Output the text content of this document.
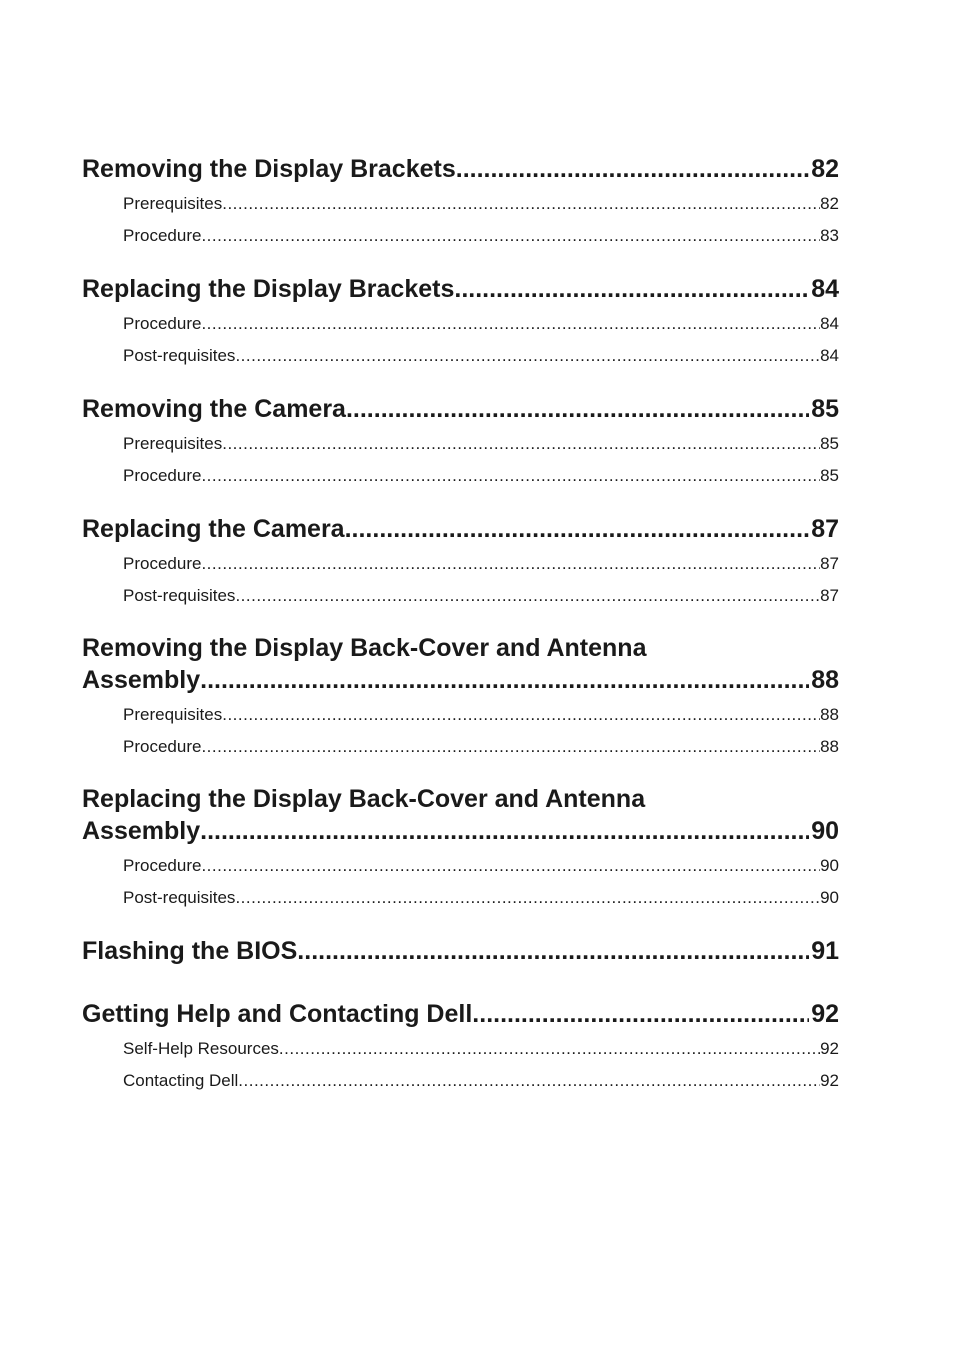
Removing the Display Brackets .....	82
Prerequisites .....	82
Procedure .....	83
Replacing the Display Brackets .....	84
Procedure .....	84
Post-requisites .....	84
Removing the Camera .....	85
Prerequisites .....	85
Procedure .....	85
Replacing the Camera .....	87
Procedure .....	87
Post-requisites .....	87
Removing the Display Back-Cover and Antenna
Assembly .....	88
Prerequisites .....	88
Procedure .....	88
Replacing the Display Back-Cover and Antenna
Assembly .....	90
Procedure .....	90
Post-requisites .....	90
Flashing the BIOS .....	91
Getting Help and Contacting Dell .....	92
Self-Help Resources .....	92
Contacting Dell .....	92
